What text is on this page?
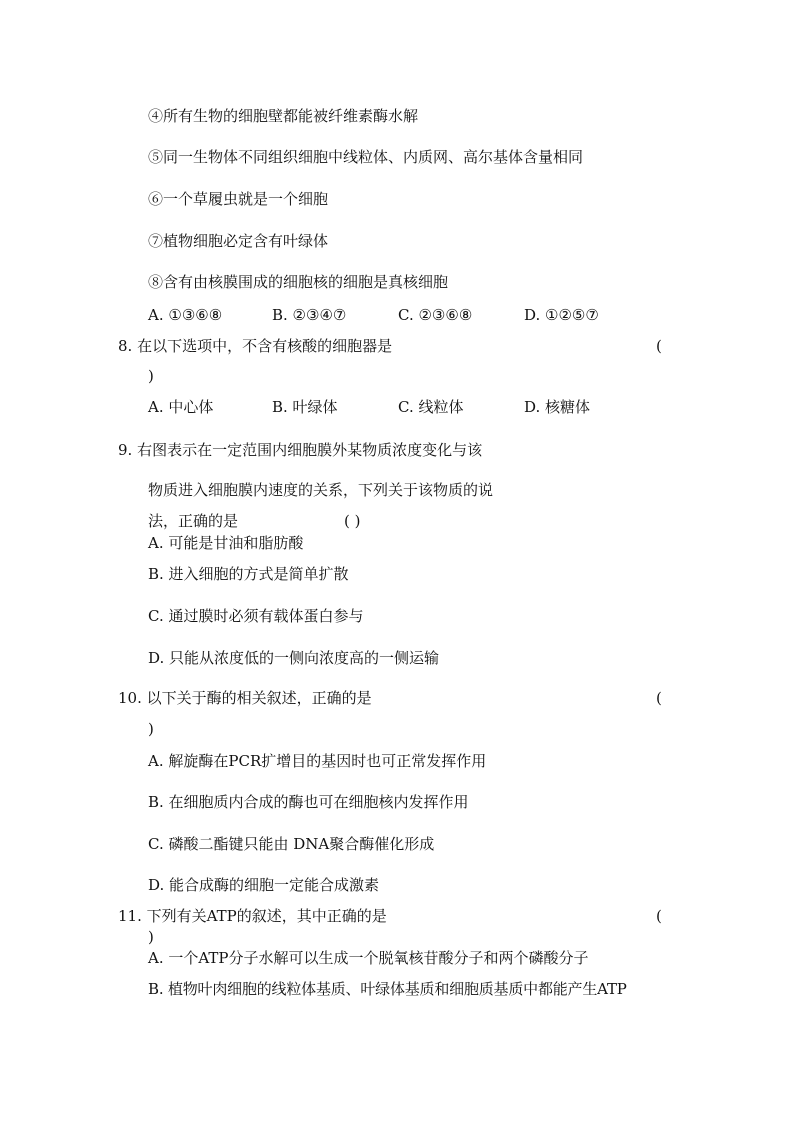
④所有生物的细胞壁都能被纤维素酶水解
⑤同一生物体不同组织细胞中线粒体、内质网、高尔基体含量相同
⑥一个草履虫就是一个细胞
⑦植物细胞必定含有叶绿体
⑧含有由核膜围成的细胞核的细胞是真核细胞
A. ①③⑥⑧	B. ②③④⑦	C. ②③⑥⑧	D. ①②⑤⑦
8. 在以下选项中，不含有核酸的细胞器是	(
)
A. 中心体	B. 叶绿体	C. 线粒体	D. 核糖体
9. 右图表示在一定范围内细胞膜外某物质浓度变化与该
物质进入细胞膜内速度的关系，下列关于该物质的说
法，正确的是	( )
A. 可能是甘油和脂肪酸
B. 进入细胞的方式是简单扩散
C. 通过膜时必须有载体蛋白参与
D. 只能从浓度低的一侧向浓度高的一侧运输
10. 以下关于酶的相关叙述，正确的是	(
)
A. 解旋酶在PCR扩增目的基因时也可正常发挥作用
B. 在细胞质内合成的酶也可在细胞核内发挥作用
C. 磷酸二酯键只能由 DNA聚合酶催化形成
D. 能合成酶的细胞一定能合成激素
11. 下列有关ATP的叙述，其中正确的是	(
)
A. 一个ATP分子水解可以生成一个脱氧核苷酸分子和两个磷酸分子
B. 植物叶肉细胞的线粒体基质、叶绿体基质和细胞质基质中都能产生ATP
